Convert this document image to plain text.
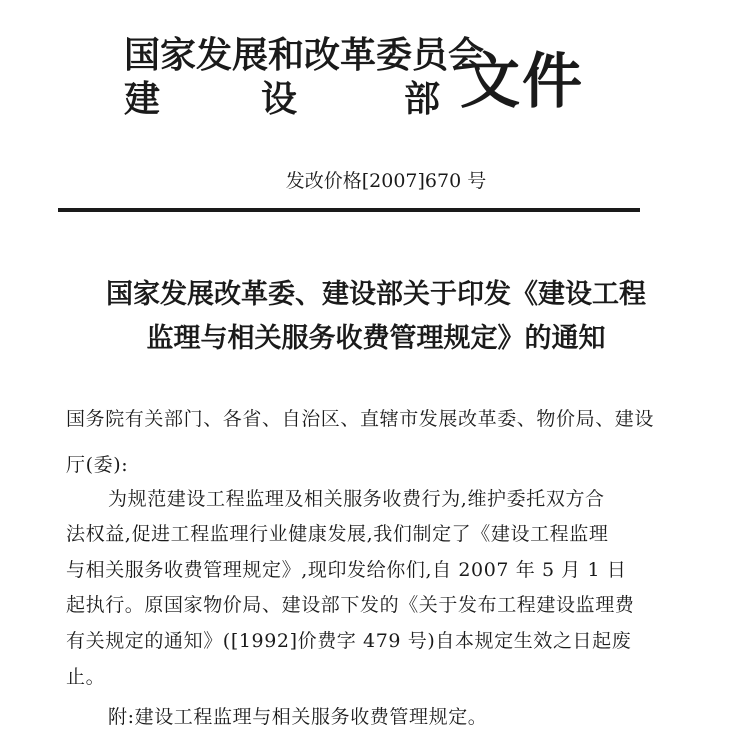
国家发展和改革委员会
建	设	部 文件
发改价格[2007]670 号
国家发展改革委、建设部关于印发《建设工程
监理与相关服务收费管理规定》的通知
国务院有关部门、各省、自治区、直辖市发展改革委、物价局、建设
厅(委):
为规范建设工程监理及相关服务收费行为,维护委托双方合
法权益,促进工程监理行业健康发展,我们制定了《建设工程监理
与相关服务收费管理规定》,现印发给你们,自 2007 年 5 月 1 日
起执行。原国家物价局、建设部下发的《关于发布工程建设监理费
有关规定的通知》([1992]价费字 479 号)自本规定生效之日起废
止。
附:建设工程监理与相关服务收费管理规定。
